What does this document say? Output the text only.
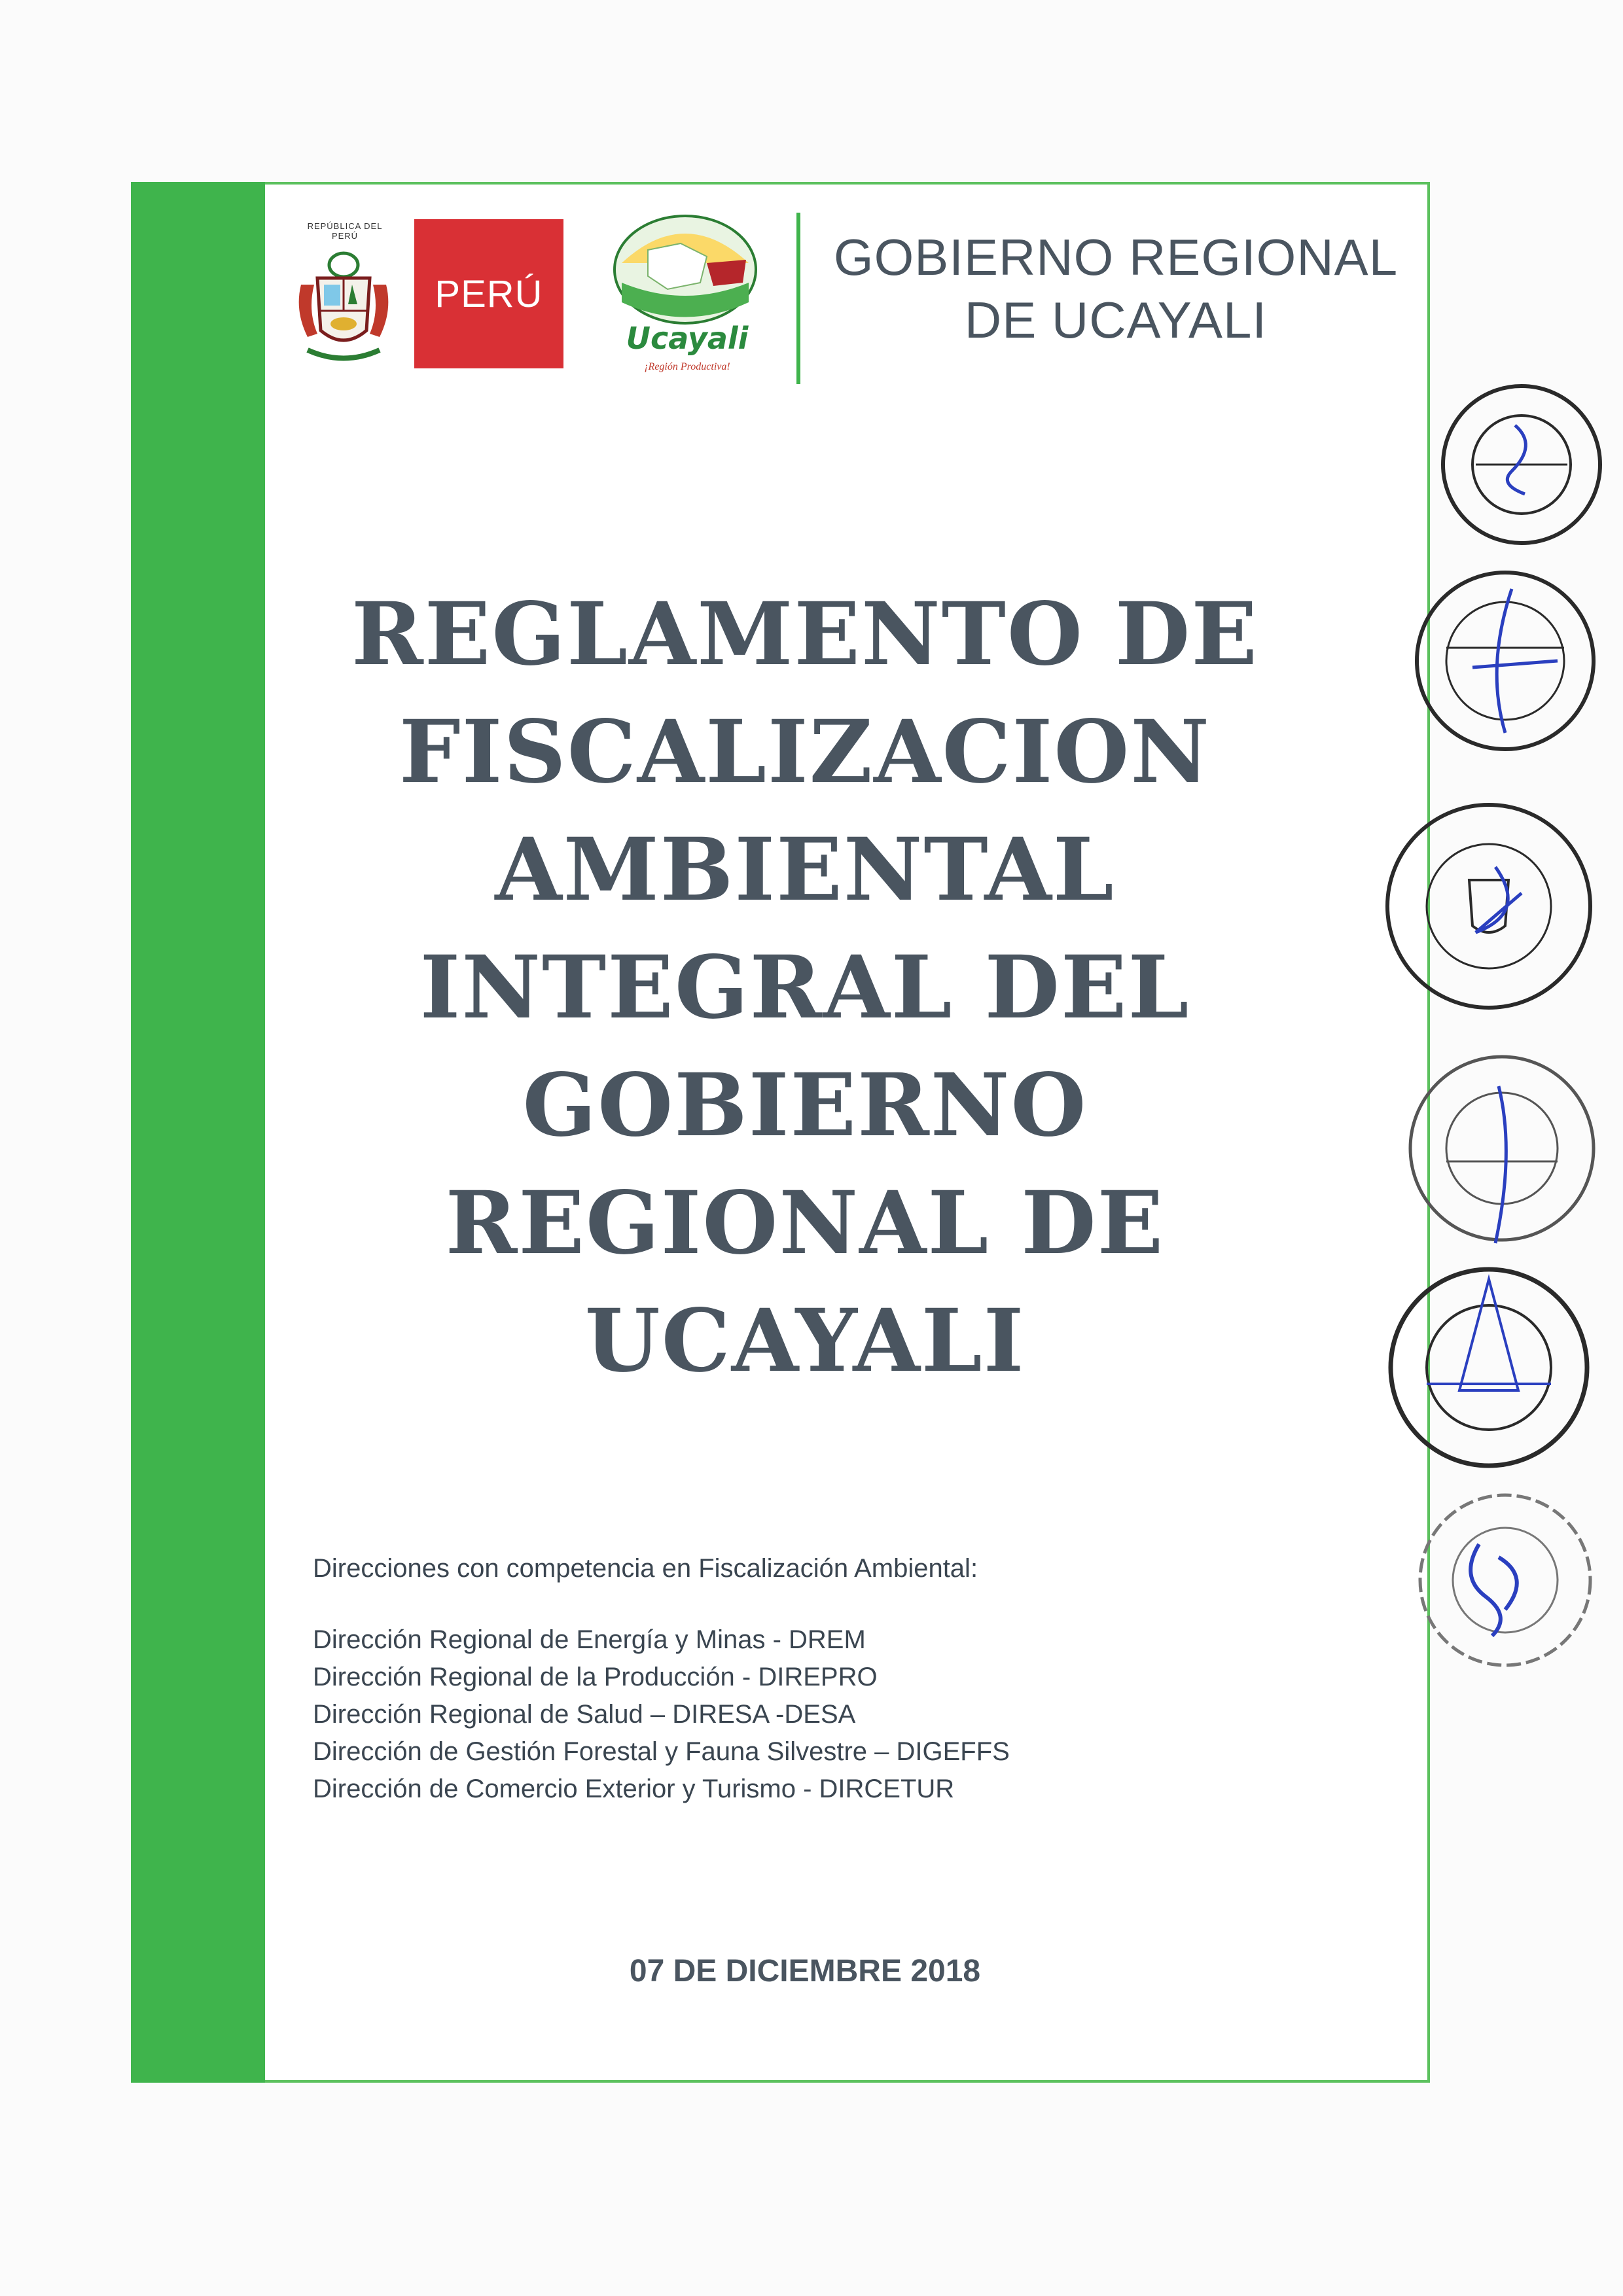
REPÚBLICA DEL PERÚ
PERÚ
Ucayali
¡Región Productiva!
GOBIERNO REGIONAL
DE UCAYALI
REGLAMENTO DE
FISCALIZACION
AMBIENTAL
INTEGRAL DEL
GOBIERNO
REGIONAL DE
UCAYALI
Direcciones con competencia en Fiscalización Ambiental:
Dirección Regional de Energía y Minas - DREM
Dirección Regional de la Producción - DIREPRO
Dirección Regional de Salud – DIRESA -DESA
Dirección de Gestión Forestal y Fauna Silvestre – DIGEFFS
Dirección de Comercio Exterior y Turismo - DIRCETUR
07 DE DICIEMBRE 2018
